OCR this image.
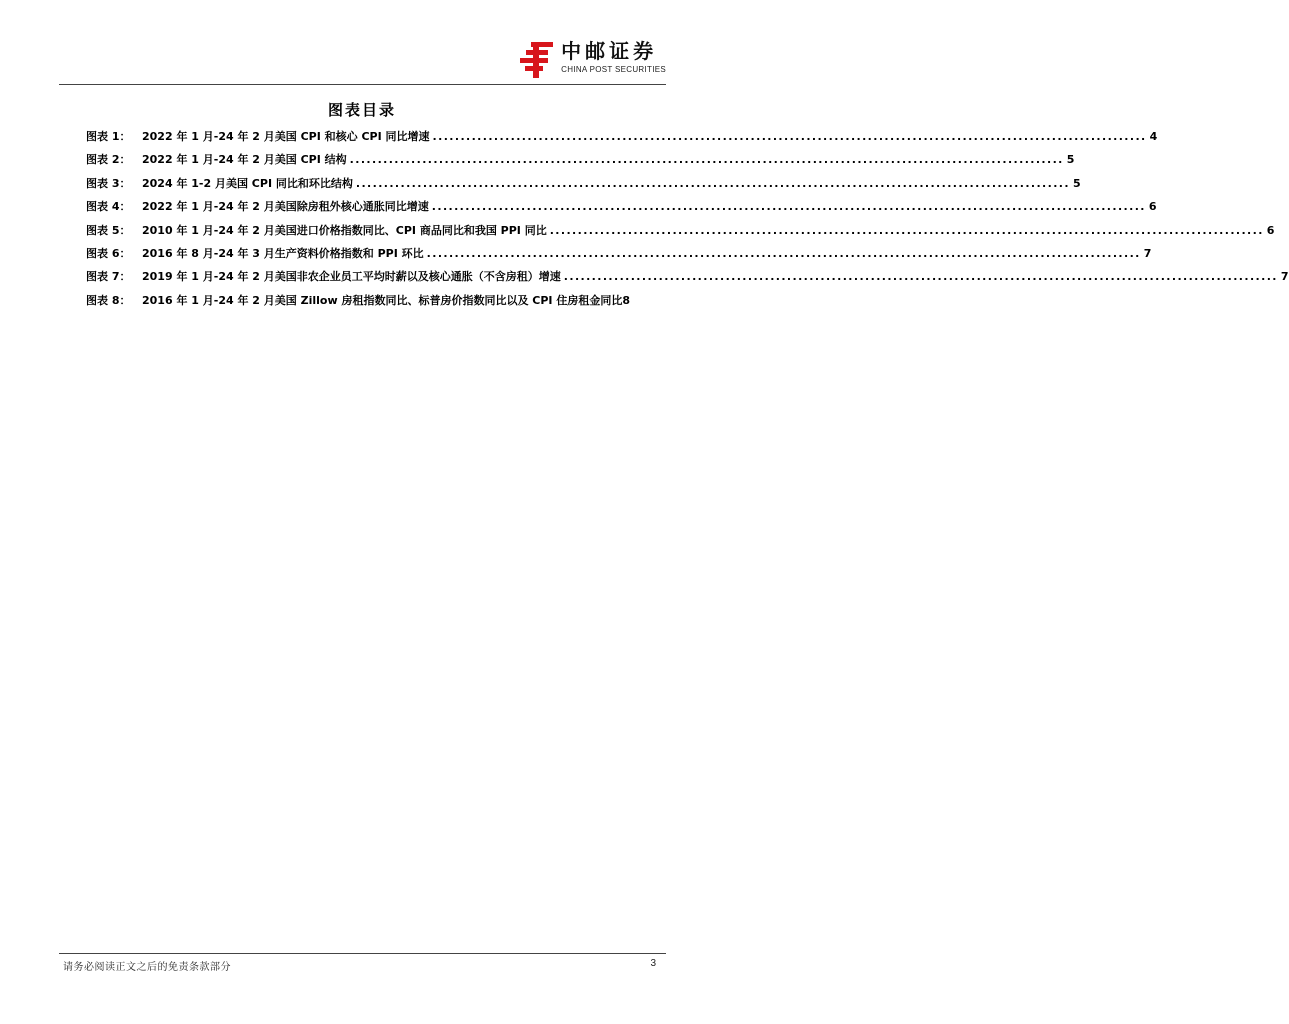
中邮证券
CHINA POST SECURITIES
图表目录
图表 1：	2022 年 1 月-24 年 2 月美国 CPI 和核心 CPI 同比增速 .....	4
图表 2：	2022 年 1 月-24 年 2 月美国 CPI 结构 .....	5
图表 3：	2024 年 1-2 月美国 CPI 同比和环比结构 .....	5
图表 4：	2022 年 1 月-24 年 2 月美国除房租外核心通胀同比增速 .....	6
图表 5：	2010 年 1 月-24 年 2 月美国进口价格指数同比、CPI 商品同比和我国 PPI 同比 .....	6
图表 6：	2016 年 8 月-24 年 3 月生产资料价格指数和 PPI 环比 .....	7
图表 7：	2019 年 1 月-24 年 2 月美国非农企业员工平均时薪以及核心通胀（不含房租）增速 .....	7
图表 8：	2016 年 1 月-24 年 2 月美国 Zillow 房租指数同比、标普房价指数同比以及 CPI 住房租金同比 8
请务必阅读正文之后的免责条款部分	3
